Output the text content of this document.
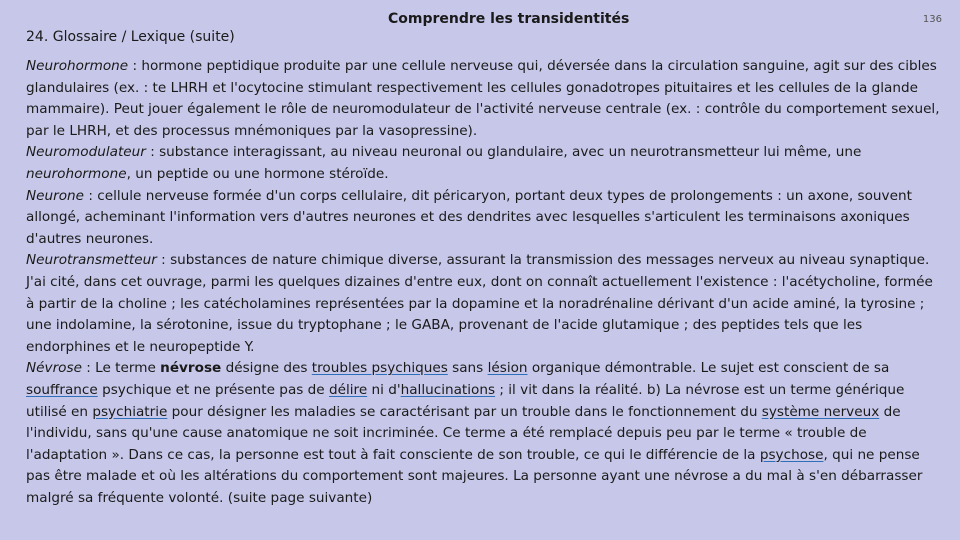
24. Glossaire / Lexique (suite)
Comprendre les transidentités	136

Neurohormone : hormone peptidique produite par une cellule nerveuse qui, déversée dans la circulation sanguine, agit sur des cibles glandulaires (ex. : te LHRH et l'ocytocine stimulant respectivement les cellules gonadotropes pituitaires et les cellules de la glande mammaire). Peut jouer également le rôle de neuromodulateur de l'activité nerveuse centrale (ex. : contrôle du comportement sexuel, par le LHRH, et des processus mnémoniques par la vasopressine).

Neuromodulateur : substance interagissant, au niveau neuronal ou glandulaire, avec un neurotransmetteur lui même, une neurohormone, un peptide ou une hormone stéroïde.

Neurone : cellule nerveuse formée d'un corps cellulaire, dit péricaryon, portant deux types de prolongements : un axone, souvent allongé, acheminant l'information vers d'autres neurones et des dendrites avec lesquelles s'articulent les terminaisons axoniques d'autres neurones.

Neurotransmetteur : substances de nature chimique diverse, assurant la transmission des messages nerveux au niveau synaptique. J'ai cité, dans cet ouvrage, parmi les quelques dizaines d'entre eux, dont on connaît actuellement l'existence : l'acétycholine, formée à partir de la choline ; les catécholamines représentées par la dopamine et la noradrénaline dérivant d'un acide aminé, la tyrosine ; une indolamine, la sérotonine, issue du tryptophane ; le GABA, provenant de l'acide glutamique ; des peptides tels que les endorphines et le neuropeptide Y.

Névrose : Le terme névrose désigne des troubles psychiques sans lésion organique démontrable. Le sujet est conscient de sa souffrance psychique et ne présente pas de délire ni d'hallucinations ; il vit dans la réalité. b) La névrose est un terme générique utilisé en psychiatrie pour désigner les maladies se caractérisant par un trouble dans le fonctionnement du système nerveux de l'individu, sans qu'une cause anatomique ne soit incriminée. Ce terme a été remplacé depuis peu par le terme « trouble de l'adaptation ». Dans ce cas, la personne est tout à fait consciente de son trouble, ce qui le différencie de la psychose, qui ne pense pas être malade et où les altérations du comportement sont majeures. La personne ayant une névrose a du mal à s'en débarrasser malgré sa fréquente volonté. (suite page suivante)
